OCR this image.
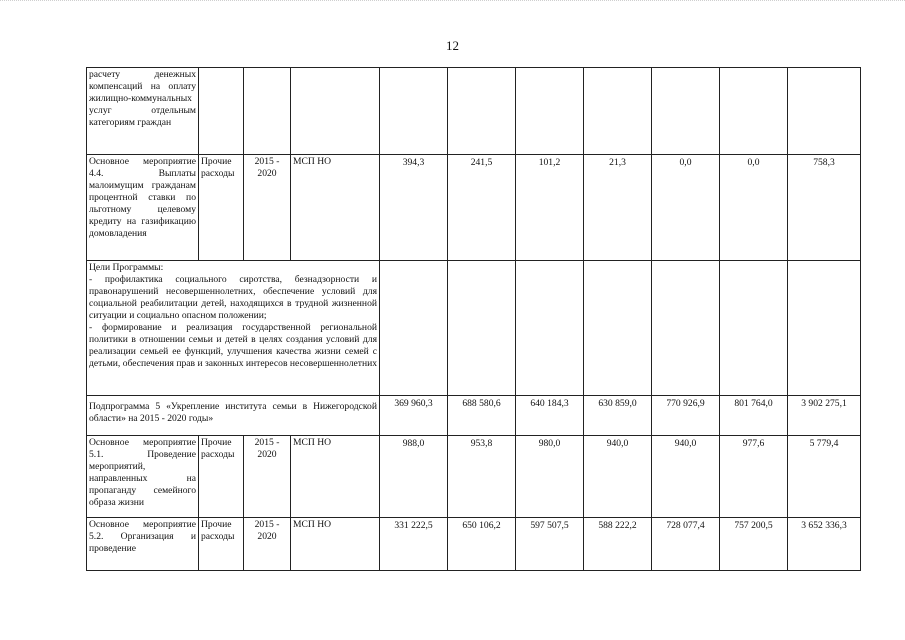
12
расчету денежных компенсаций на оплату жилищно-коммунальных услуг отдельным категориям граждан										
Основное мероприятие 4.4. Выплаты малоимущим гражданам процентной ставки по льготному целевому кредиту на газификацию домовладения	Прочие расходы	2015 - 2020	МСП НО	394,3	241,5	101,2	21,3	0,0	0,0	758,3
Цели Программы:
- профилактика социального сиротства, безнадзорности и правонарушений несовершеннолетних, обеспечение условий для социальной реабилитации детей, находящихся в трудной жизненной ситуации и социально опасном положении;
- формирование и реализация государственной региональной политики в отношении семьи и детей в целях создания условий для реализации семьей ее функций, улучшения качества жизни семей с детьми, обеспечения прав и законных интересов несовершеннолетних										
Подпрограмма 5 «Укрепление института семьи в Нижегородской области» на 2015 - 2020 годы»				369 960,3	688 580,6	640 184,3	630 859,0	770 926,9	801 764,0	3 902 275,1
Основное мероприятие 5.1. Проведение мероприятий, направленных на пропаганду семейного образа жизни	Прочие расходы	2015 - 2020	МСП НО	988,0	953,8	980,0	940,0	940,0	977,6	5 779,4
Основное мероприятие 5.2. Организация и проведение	Прочие расходы	2015 - 2020	МСП НО	331 222,5	650 106,2	597 507,5	588 222,2	728 077,4	757 200,5	3 652 336,3
